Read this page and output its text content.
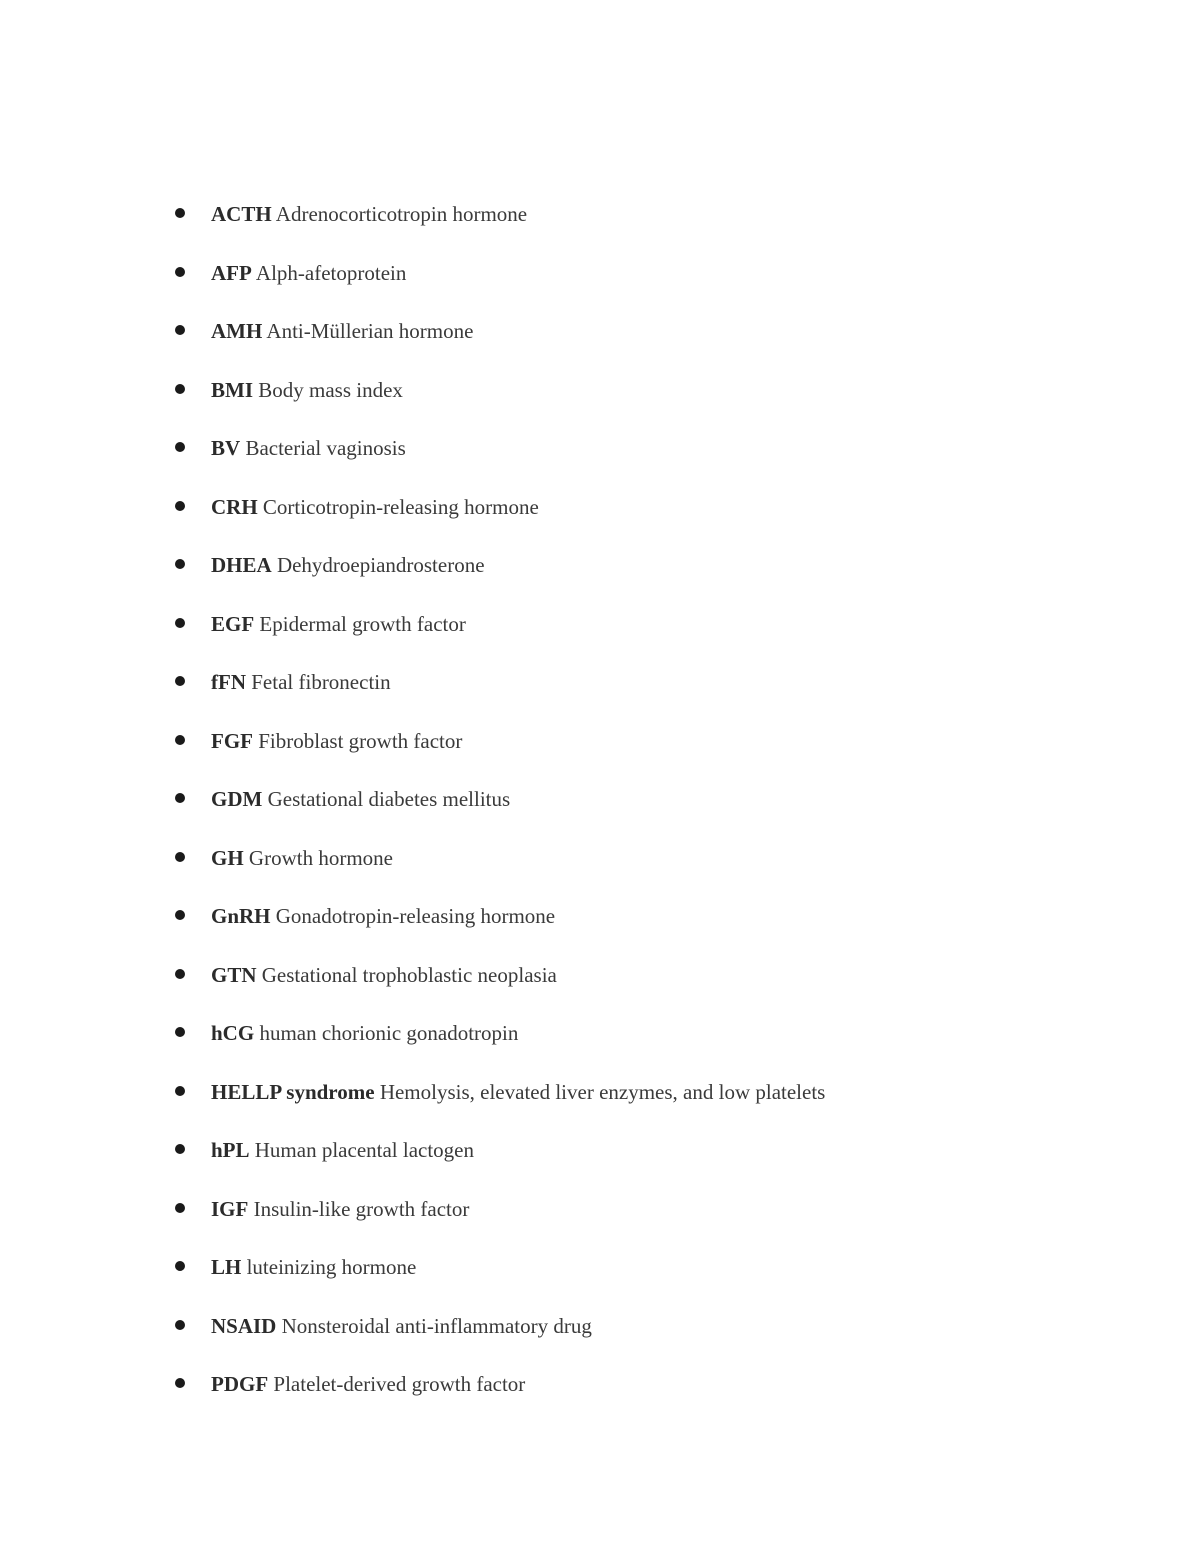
ACTH Adrenocorticotropin hormone
AFP Alph-afetoprotein
AMH Anti-Müllerian hormone
BMI Body mass index
BV Bacterial vaginosis
CRH Corticotropin-releasing hormone
DHEA Dehydroepiandrosterone
EGF Epidermal growth factor
fFN Fetal fibronectin
FGF Fibroblast growth factor
GDM Gestational diabetes mellitus
GH Growth hormone
GnRH Gonadotropin-releasing hormone
GTN Gestational trophoblastic neoplasia
hCG human chorionic gonadotropin
HELLP syndrome Hemolysis, elevated liver enzymes, and low platelets
hPL Human placental lactogen
IGF Insulin-like growth factor
LH luteinizing hormone
NSAID Nonsteroidal anti-inflammatory drug
PDGF Platelet-derived growth factor
